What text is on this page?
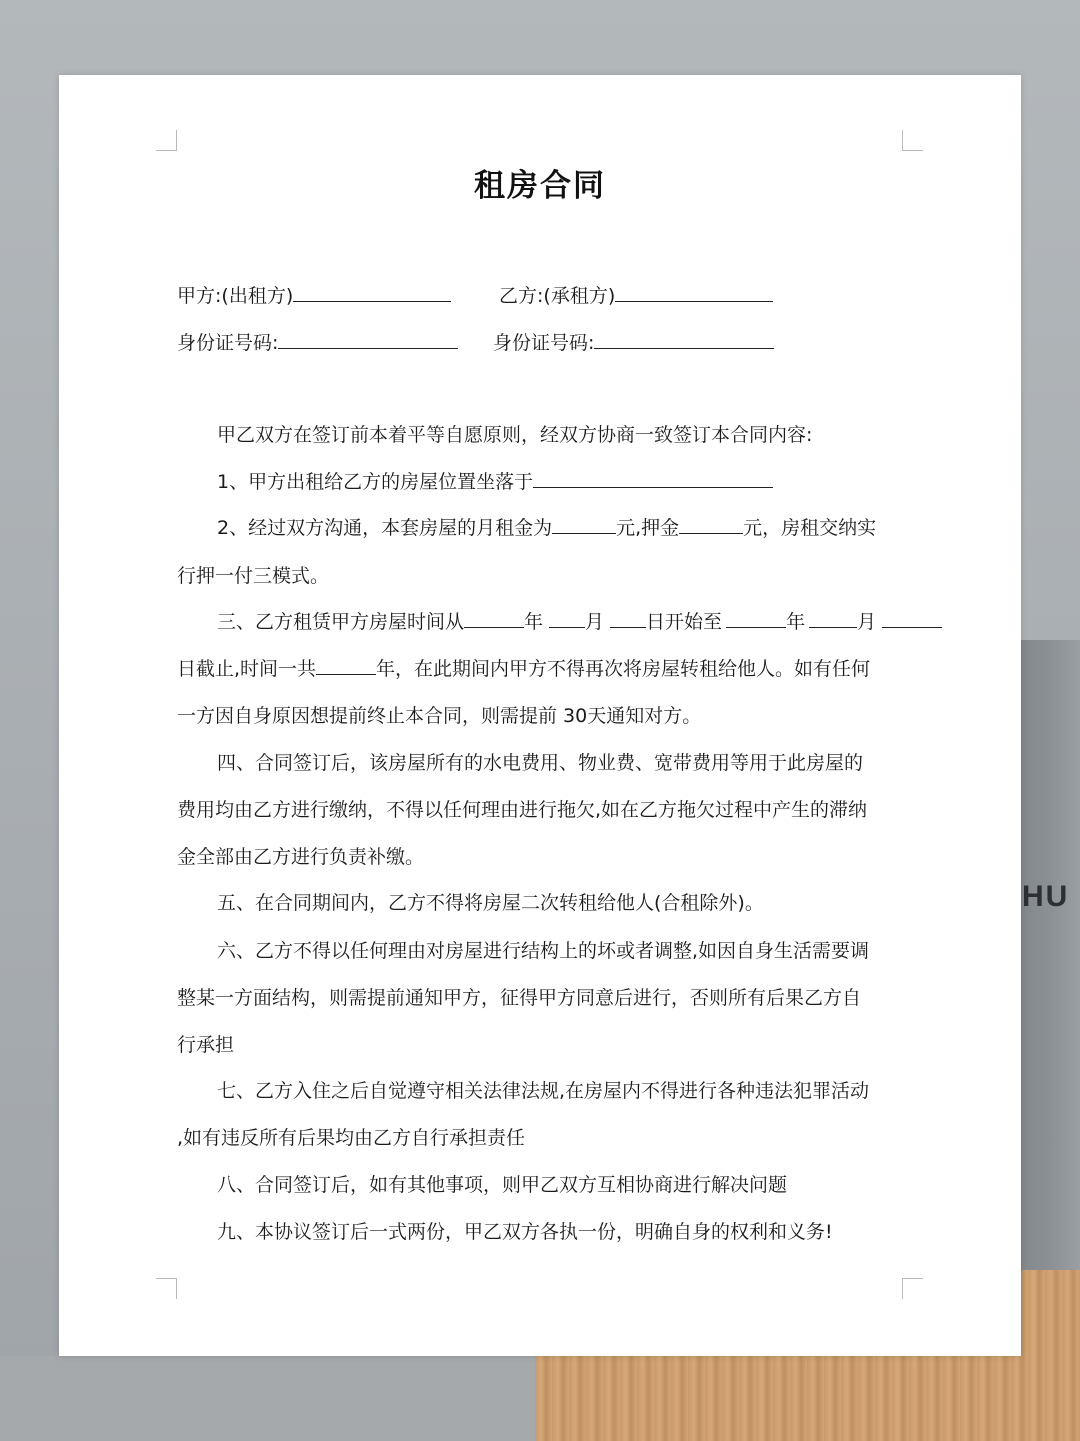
HU
租房合同
甲方:(出租方)	乙方:(承租方)
身份证号码:	身份证号码:
甲乙双方在签订前本着平等自愿原则，经双方协商一致签订本合同内容:
1、甲方出租给乙方的房屋位置坐落于
2、经过双方沟通，本套房屋的月租金为	元,押金	元，房租交纳实
行押一付三模式。
三、乙方租赁甲方房屋时间从	年 月 日开始至	年	月
日截止,时间一共	年，在此期间内甲方不得再次将房屋转租给他人。如有任何
一方因自身原因想提前终止本合同，则需提前 30天通知对方。
四、合同签订后，该房屋所有的水电费用、物业费、宽带费用等用于此房屋的
费用均由乙方进行缴纳，不得以任何理由进行拖欠,如在乙方拖欠过程中产生的滞纳
金全部由乙方进行负责补缴。
五、在合同期间内，乙方不得将房屋二次转租给他人(合租除外)。
六、乙方不得以任何理由对房屋进行结构上的坏或者调整,如因自身生活需要调
整某一方面结构，则需提前通知甲方，征得甲方同意后进行，否则所有后果乙方自
行承担
七、乙方入住之后自觉遵守相关法律法规,在房屋内不得进行各种违法犯罪活动
,如有违反所有后果均由乙方自行承担责任
八、合同签订后，如有其他事项，则甲乙双方互相协商进行解决问题
九、本协议签订后一式两份，甲乙双方各执一份，明确自身的权利和义务!
